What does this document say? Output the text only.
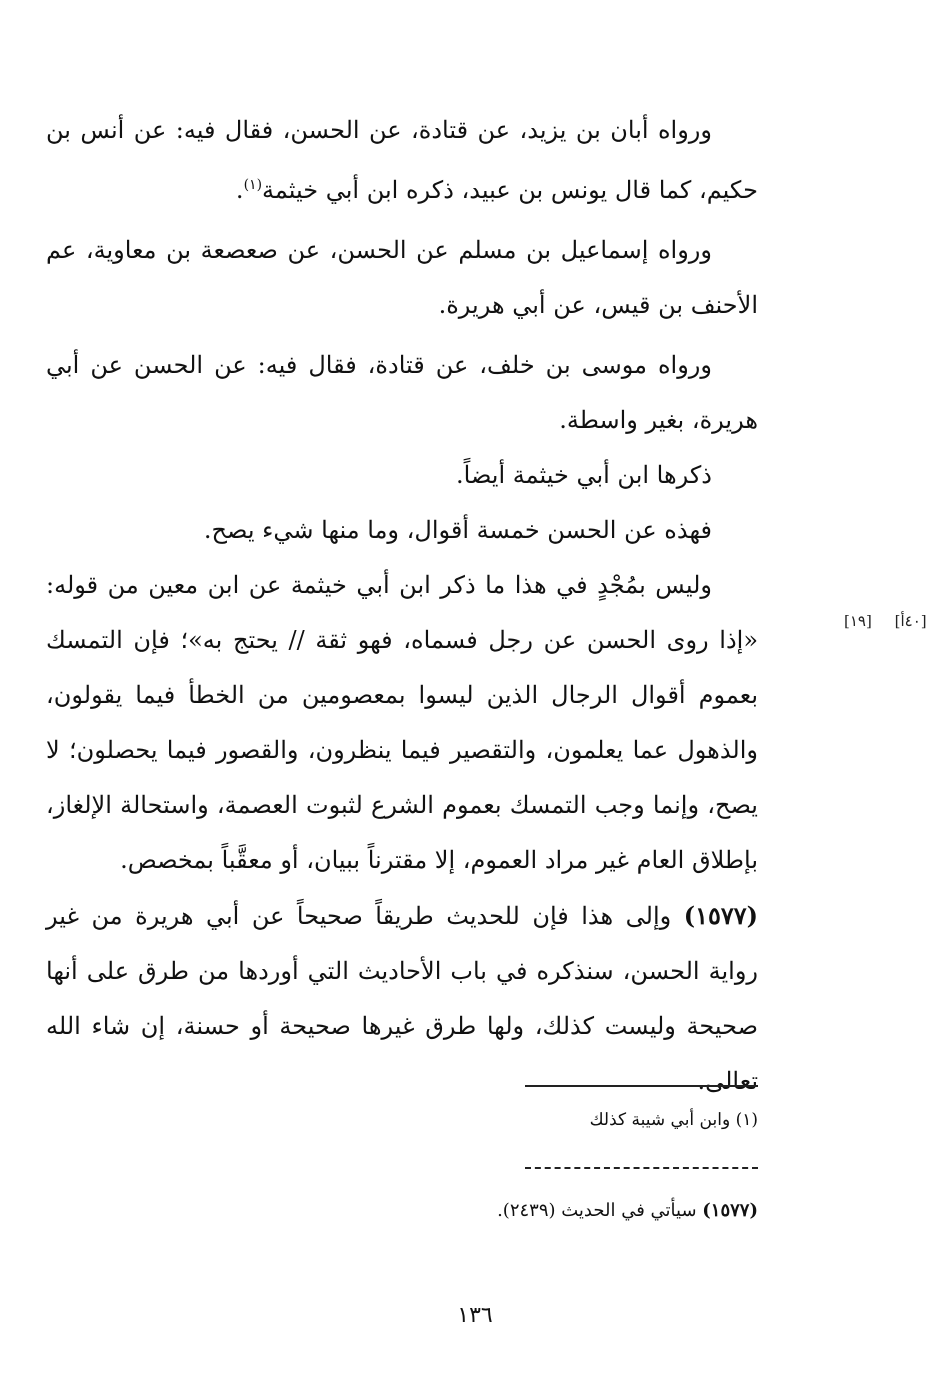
ورواه أبان بن يزيد، عن قتادة، عن الحسن، فقال فيه: عن أنس بن حكيم، كما قال يونس بن عبيد، ذكره ابن أبي خيثمة$^{(١)}$.

ورواه إسماعيل بن مسلم عن الحسن، عن صعصعة بن معاوية، عم الأحنف بن قيس، عن أبي هريرة.

ورواه موسى بن خلف، عن قتادة، فقال فيه: عن الحسن عن أبي هريرة، بغير واسطة.

ذكرها ابن أبي خيثمة أيضاً.

فهذه عن الحسن خمسة أقوال، وما منها شيء يصح.

وليس بمُجْدٍ في هذا ما ذكر ابن أبي خيثمة عن ابن معين من قوله: «إذا روى الحسن عن رجل فسماه، فهو ثقة // يحتج به»؛ فإن التمسك بعموم أقوال الرجال الذين ليسوا بمعصومين من الخطأ فيما يقولون، والذهول عما يعلمون، والتقصير فيما ينظرون، والقصور فيما يحصلون؛ لا يصح، وإنما وجب التمسك بعموم الشرع لثبوت العصمة، واستحالة الإلغاز، بإطلاق العام غير مراد العموم، إلا مقترناً ببيان، أو معقَّباً بمخصص.

(١٥٧٧) وإلى هذا فإن للحديث طريقاً صحيحاً عن أبي هريرة من غير رواية الحسن، سنذكره في باب الأحاديث التي أوردها من طرق على أنها صحيحة وليست كذلك، ولها طرق غيرها صحيحة أو حسنة، إن شاء الله تعالى.

[٤٠أ] [١٩]
(١) وابن أبي شيبة كذلك
(١٥٧٧) سيأتي في الحديث (٢٤٣٩).
١٣٦
